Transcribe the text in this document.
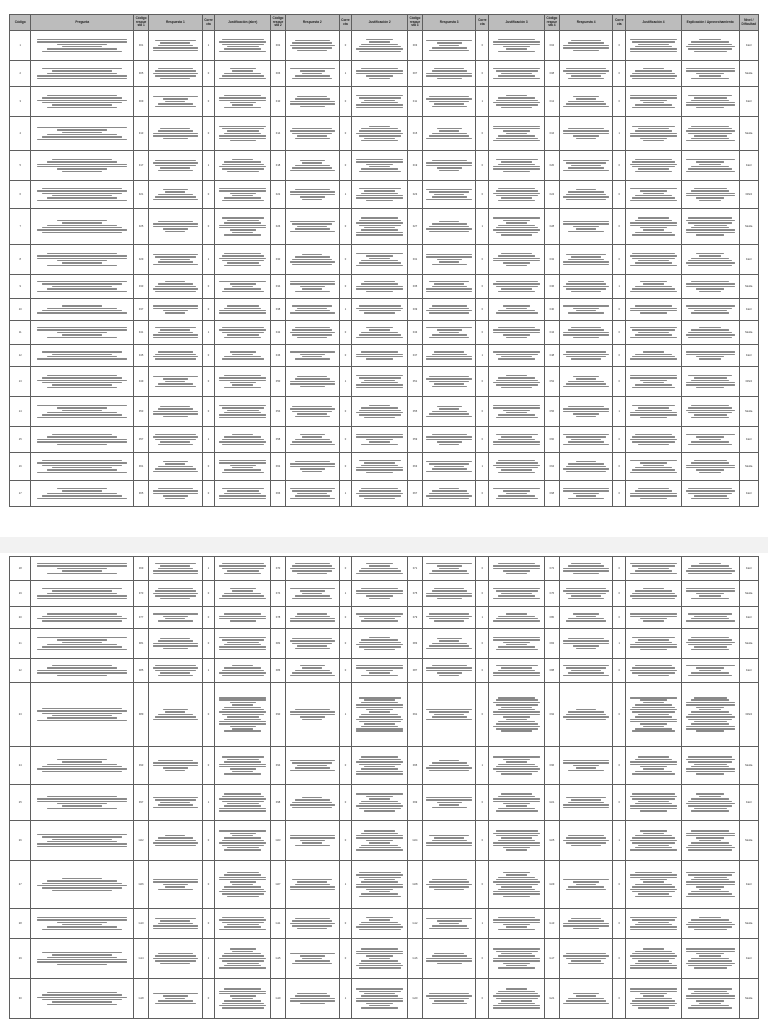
Código	Pregunta	Código respuesta 1	Respuesta 1	Correcta	Justificación (abre)	Código respuesta 2	Respuesta 2	Correcta	Justificación 2	Código respuesta 3	Respuesta 3	Correcta	Justificación 3	Código respuesta 4	Respuesta 4	Correcta	Justificación 4	Explicación / Aprovechamiento	Nivel / Dificultad
1		F01		1		F02		0		F03		0		F04		0			Fácil
2		F05		0		F06		1		F07		0		F08		0			Media
3		F09		0		F10		0		F11		1		F12		0			Fácil
4		F13		0		F14		0		F15		0		F16		1			Media
5		F17		1		F18		0		F19		0		F20		0			Fácil
6		F21		0		F22		1		F23		0		F24		0			Difícil
7		F25		0		F26		0		F27		1		F28		0			Media
8		F29		1		F30		0		F31		0		F32		0			Fácil
9		F33		0		F34		0		F35		0		F36		1			Media
10		F37		0		F38		1		F39		0		F40		0			Fácil
11		F41		1		F42		0		F43		0		F44		0			Media
12		F45		0		F46		0		F47		1		F48		0			Fácil
13		F49		0		F50		1		F51		0		F52		0			Difícil
14		F53		0		F54		0		F55		0		F56		1			Media
15		F57		1		F58		0		F59		0		F60		0			Fácil
16		F61		0		F62		0		F63		1		F64		0			Media
17		F65		0		F66		1		F67		0		F68		0			Fácil
18		F69		1		F70		0		F71		0		F72		0			Fácil
19		F73		0		F74		1		F75		0		F76		0			Media
20		F77		0		F78		0		F79		1		F80		0			Fácil
21		F81		0		F82		0		F83		0		F84		1			Media
22		F85		1		F86		0		F87		0		F88		0			Fácil
23		F89		0		F90		1		F91		0		F92		0			Difícil
24		F93		0		F94		0		F95		1		F96		0			Media
25		F97		1		F98		0		F99		0		G01		0			Fácil
26		G02		0		G03		0		G04		0		G05		1			Media
27		G06		0		G07		1		G08		0		G09		0			Fácil
28		G10		0		G11		0		G12		1		G13		0			Media
29		G14		1		G15		0		G16		0		G17		0			Fácil
30		G18		0		G19		1		G20		0		G21		0			Media
